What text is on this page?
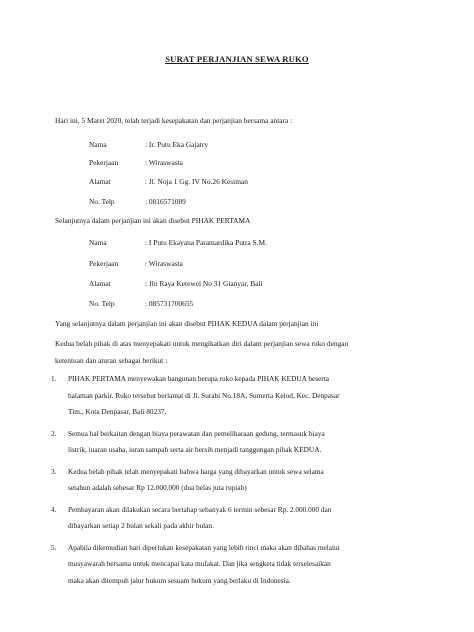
SURAT PERJANJIAN SEWA RUKO
Hari ini, 5 Maret 2020, telah terjadi kesepakatan dan perjanjian bersama antara :
Nama	: Ir. Putu Eka Gajatry
Pekerjaan	: Wiraswasta
Alamat	: Jl. Noja 1 Gg. IV No.26 Kesiman
No. Telp	: 0816571089
Selanjutnya dalam perjanjian ini akan disebut PIHAK PERTAMA
Nama	: I Putu Ekayana Paramardika Putra S.M.
Pekerjaan	: Wiraswasta
Alamat	: Jln Raya Ketewel No 31 Gianyar, Bali
No. Telp	: 085731700655
Yang selanjutnya dalam perjanjian ini akan disebut PIHAK KEDUA dalam perjanjian ini
Kedua belah pihak di atas menyepakati untuk mengikatkan diri dalam perjanjian sewa ruko dengan
ketentuan dan aturan sebagai berikut :
1. PIHAK PERTAMA menyewakan bangunan berupa ruko kepada PIHAK KEDUA beserta
halaman parkir. Ruko tersebut berlamat di Jl. Surabi No.18A, Sumerta Kelod, Kec. Denpasar
Tim., Kota Denpasar, Bali 80237.
2. Semua hal berkaitan dengan biaya perawatan dan pemeliharaan gedung, termasuk biaya
listrik, iuaran usaha, iuran sampah serta air bersih menjadi tanggungan pihak KEDUA.
3. Kedua belah pihak telah menyepakati bahwa harga yang dibayarkan untuk sewa selama
setahun adalah sebesar Rp 12.000.000 (dua belas juta rupiah)
4. Pembayaran akan dilakukan secara bertahap sebanyak 6 termin sebesar Rp. 2.000.000 dan
dibayarkan setiap 2 bulan sekali pada akhir bulan.
5. Apabila dikemudian hari diperlukan kesepakatan yang lebih rinci maka akan dibahas melalui
musyawarah bersama untuk mencapai kata mufakat. Dan jika sengketa tidak terselesaikan
maka akan ditempuh jalur hukum sesuam hukum yang berlaku di Indonesia.
